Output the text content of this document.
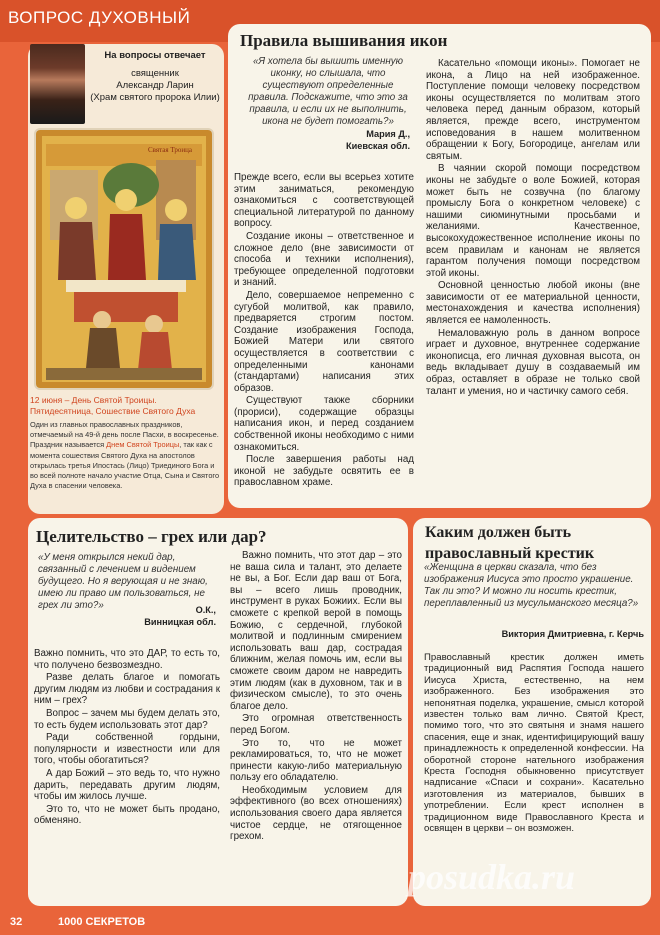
ВОПРОС ДУХОВНЫЙ
На вопросы отвечает
священник
Александр Ларин
(Храм святого пророка Илии)
Святая Троица
12 июня – День Святой Троицы. Пятидесятница, Сошествие Святого Духа
Один из главных православных праздников, отмечаемый на 49-й день после Пасхи, в воскресенье. Праздник называется Днем Святой Троицы, так как с момента сошествия Святого Духа на апостолов открылась третья Ипостась (Лицо) Триединого Бога и во всей полноте начало участие Отца, Сына и Святого Духа в спасении человека.
Правила вышивания икон
«Я хотела бы вышить именную иконку, но слышала, что существуют определенные правила. Подскажите, что это за правила, и если их не выполнить, икона не будет помогать?»
Мария Д.,
Киевская обл.

Прежде всего, если вы всерьез хотите этим заниматься, рекомендую ознакомиться с соответствующей специальной литературой по данному вопросу.

Создание иконы – ответственное и сложное дело (вне зависимости от способа и техники исполнения), требующее определенной подготовки и знаний.

Дело, совершаемое непременно с сугубой молитвой, как правило, предваряется строгим постом. Создание изображения Господа, Божией Матери или святого осуществляется в соответствии с определенными канонами (стандартами) написания этих образов.

Существуют также сборники (прориси), содержащие образцы написания икон, и перед созданием собственной иконы необходимо с ними ознакомиться.

После завершения работы над иконой не забудьте освятить ее в православном храме.

Касательно «помощи иконы». Помогает не икона, а Лицо на ней изображенное. Поступление помощи человеку посредством иконы осуществляется по молитвам этого человека перед данным образом, который является, прежде всего, инструментом исповедования в нашем молитвенном обращении к Богу, Богородице, ангелам или святым.

В чаянии скорой помощи посредством иконы не забудьте о воле Божией, которая может быть не созвучна (по благому промыслу Бога о конкретном человеке) с нашими сиюминутными просьбами и желаниями. Качественное, высокохудожественное исполнение иконы по всем правилам и канонам не является гарантом получения помощи посредством этой иконы.

Основной ценностью любой иконы (вне зависимости от ее материальной ценности, местонахождения и качества исполнения) является ее намоленность.

Немаловажную роль в данном вопросе играет и духовное, внутреннее содержание иконописца, его личная духовная высота, он ведь вкладывает душу в создаваемый им образ, оставляет в образе не только свой талант и умения, но и частичку самого себя.

Целительство – грех или дар?
«У меня открылся некий дар, связанный с лечением и видением будущего. Но я верующая и не знаю, имею ли право им пользоваться, не грех ли это?»	О.К.,
Винницкая обл.

Важно помнить, что это ДАР, то есть то, что получено безвозмездно.

Разве делать благое и помогать другим людям из любви и сострадания к ним – грех?

Вопрос – зачем мы будем делать это, то есть будем использовать этот дар?

Ради собственной гордыни, популярности и известности или для того, чтобы обогатиться?

А дар Божий – это ведь то, что нужно дарить, передавать другим людям, чтобы им жилось лучше.

Это то, что не может быть продано, обменяно.

Важно помнить, что этот дар – это не ваша сила и талант, это делаете не вы, а Бог. Если дар ваш от Бога, вы – всего лишь проводник, инструмент в руках Божиих. Если вы сможете с крепкой верой в помощь Божию, с сердечной, глубокой молитвой и подлинным смирением использовать ваш дар, сострадая ближним, желая помочь им, если вы сможете своим даром не навредить этим людям (как в духовном, так и в физическом смысле), то это очень благое дело.

Это огромная ответственность перед Богом.

Это то, что не может рекламироваться, то, что не может принести какую-либо материальную пользу его обладателю.

Необходимым условием для эффективного (во всех отношениях) использования своего дара является чистое сердце, не отягощенное грехом.

Каким должен быть православный крестик
«Женщина в церкви сказала, что без изображения Иисуса это просто украшение. Так ли это? И можно ли носить крестик, переплавленный из мусульманского месяца?»
Виктория Дмитриевна, г. Керчь

Православный крестик должен иметь традиционный вид Распятия Господа нашего Иисуса Христа, естественно, на нем изображенного. Без изображения это непонятная поделка, украшение, смысл которой известен только вам лично. Святой Крест, помимо того, что это святыня и знамя нашего спасения, еще и знак, идентифицирующий вашу принадлежность к определенной конфессии. На оборотной стороне нательного изображения Креста Господня обыкновенно присутствует надписание «Спаси и сохрани». Касательно изготовления из материалов, бывших в употреблении. Если крест исполнен в традиционном виде Православного Креста и освящен в церкви – он возможен.

posudka.ru
32	1000 СЕКРЕТОВ
